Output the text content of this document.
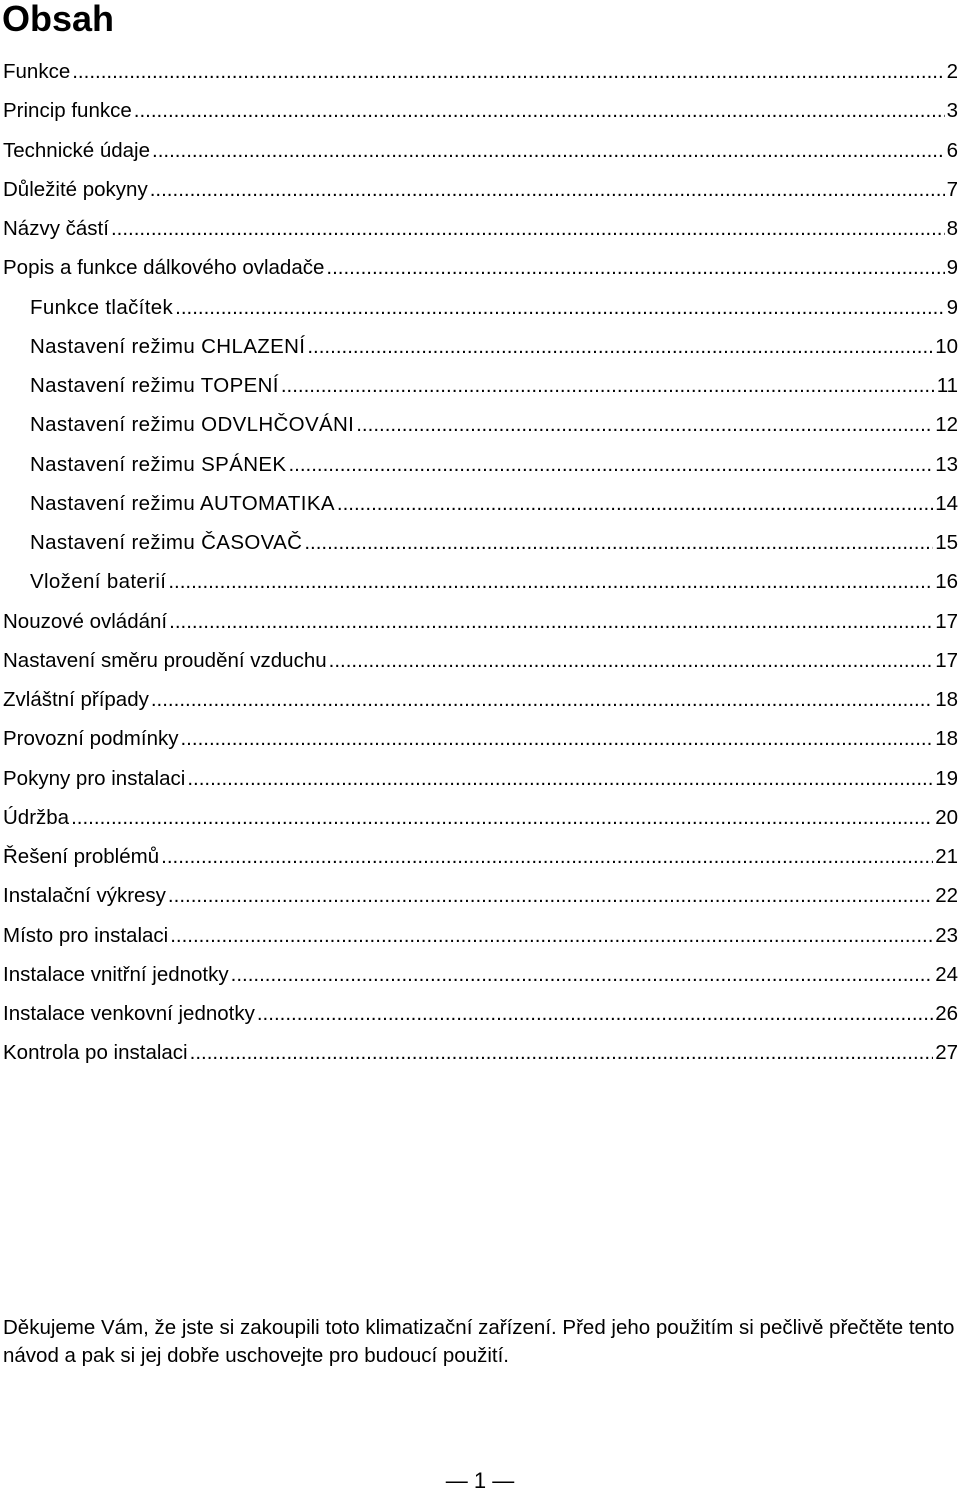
Obsah
Funkce .....	2
Princip funkce .....	3
Technické údaje .....	6
Důležité pokyny .....	7
Názvy částí .....	8
Popis a funkce dálkového ovladače .....	9
Funkce tlačítek .....	9
Nastavení režimu CHLAZENÍ .....	10
Nastavení režimu TOPENÍ .....	11
Nastavení režimu ODVLHČOVÁNI .....	12
Nastavení režimu SPÁNEK .....	13
Nastavení režimu AUTOMATIKA .....	14
Nastavení režimu ČASOVAČ .....	15
Vložení baterií .....	16
Nouzové ovládání .....	17
Nastavení směru proudění vzduchu .....	17
Zvláštní případy .....	18
Provozní podmínky .....	18
Pokyny pro instalaci .....	19
Údržba .....	20
Řešení problémů .....	21
Instalační výkresy .....	22
Místo pro instalaci .....	23
Instalace vnitřní jednotky .....	24
Instalace venkovní jednotky .....	26
Kontrola po instalaci .....	27

Děkujeme Vám, že jste si zakoupili toto klimatizační zařízení. Před jeho použitím si pečlivě přečtěte tento návod a pak si jej dobře uschovejte pro budoucí použití.

— 1 —
